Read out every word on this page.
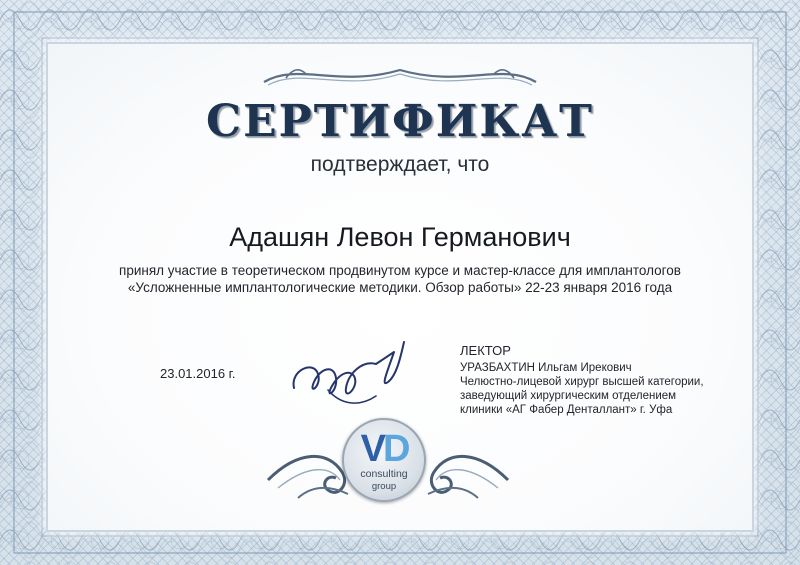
СЕРТИФИКАТ
подтверждает, что
Адашян Левон Германович
принял участие в теоретическом продвинутом курсе и мастер-классе для имплантологов
«Усложненные имплантологические методики. Обзор работы» 22-23 января 2016 года
23.01.2016 г.
ЛЕКТОР
УРАЗБАХТИН Ильгам Ирекович
Челюстно-лицевой хирург высшей категории,
заведующий хирургическим отделением
клиники «АГ Фабер Денталлант» г. Уфа
VD
consulting
group
